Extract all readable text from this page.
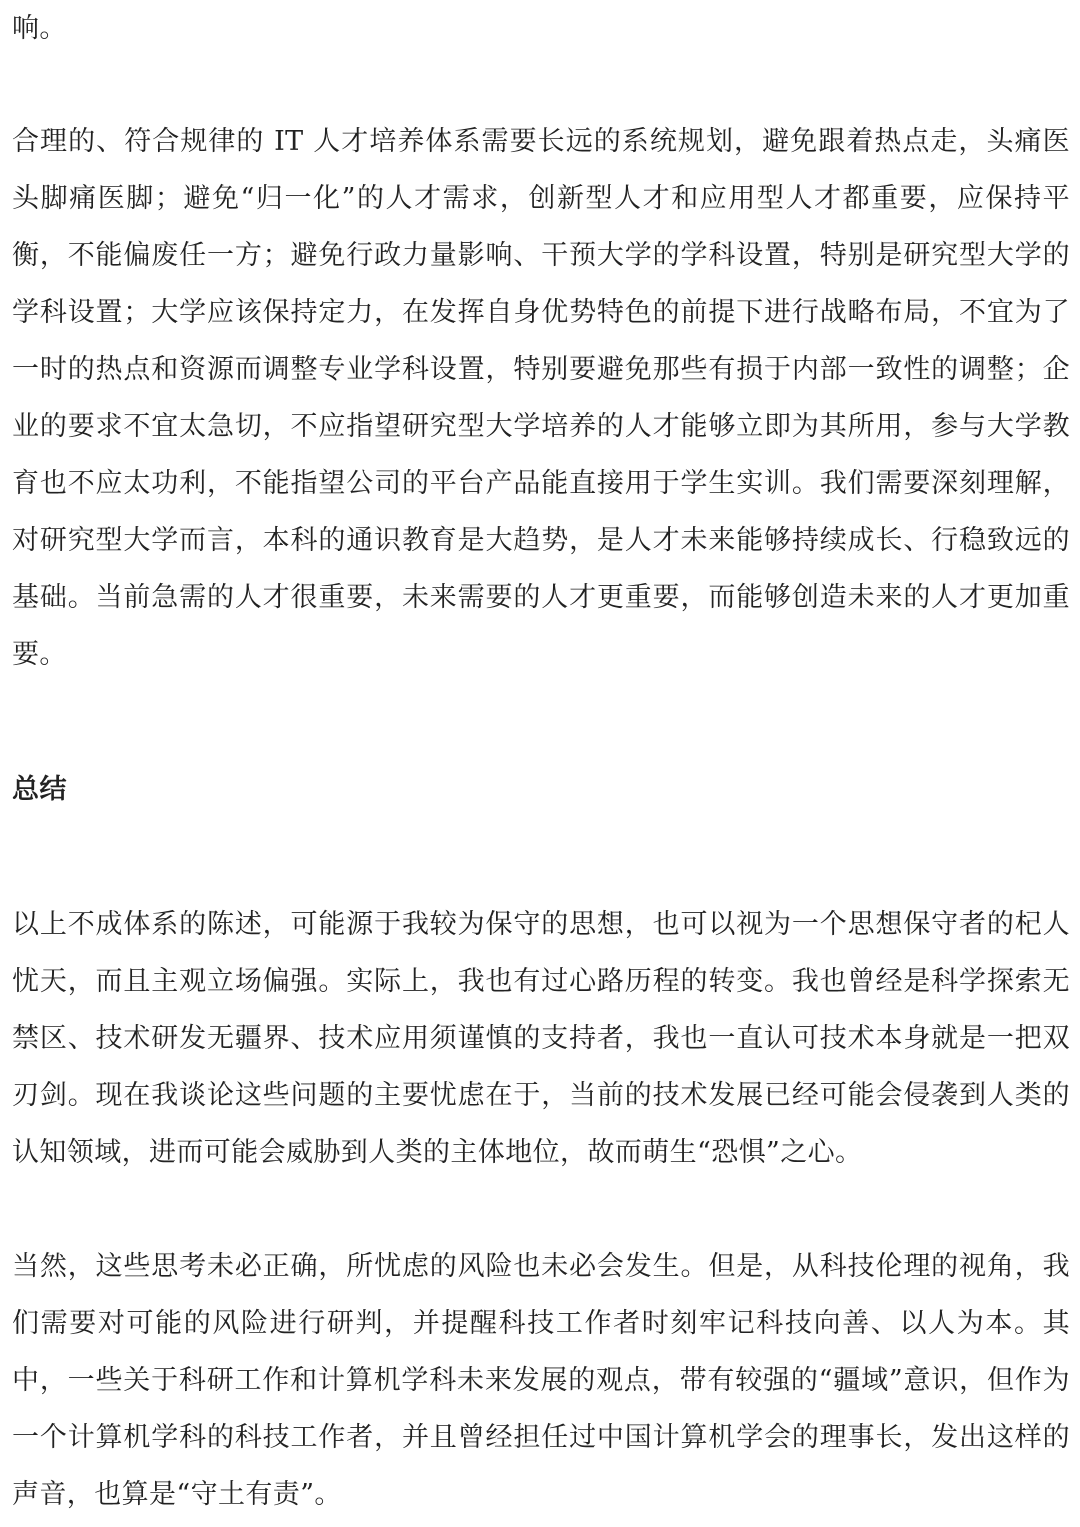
响。

合理的、符合规律的 IT 人才培养体系需要长远的系统规划，避免跟着热点走，头痛医头脚痛医脚；避免“归一化”的人才需求，创新型人才和应用型人才都重要，应保持平衡，不能偏废任一方；避免行政力量影响、干预大学的学科设置，特别是研究型大学的学科设置；大学应该保持定力，在发挥自身优势特色的前提下进行战略布局，不宜为了一时的热点和资源而调整专业学科设置，特别要避免那些有损于内部一致性的调整；企业的要求不宜太急切，不应指望研究型大学培养的人才能够立即为其所用，参与大学教育也不应太功利，不能指望公司的平台产品能直接用于学生实训。我们需要深刻理解，对研究型大学而言，本科的通识教育是大趋势，是人才未来能够持续成长、行稳致远的基础。当前急需的人才很重要，未来需要的人才更重要，而能够创造未来的人才更加重要。

总结

以上不成体系的陈述，可能源于我较为保守的思想，也可以视为一个思想保守者的杞人忧天，而且主观立场偏强。实际上，我也有过心路历程的转变。我也曾经是科学探索无禁区、技术研发无疆界、技术应用须谨慎的支持者，我也一直认可技术本身就是一把双刃剑。现在我谈论这些问题的主要忧虑在于，当前的技术发展已经可能会侵袭到人类的认知领域，进而可能会威胁到人类的主体地位，故而萌生“恐惧”之心。

当然，这些思考未必正确，所忧虑的风险也未必会发生。但是，从科技伦理的视角，我们需要对可能的风险进行研判，并提醒科技工作者时刻牢记科技向善、以人为本。其中，一些关于科研工作和计算机学科未来发展的观点，带有较强的“疆域”意识，但作为一个计算机学科的科技工作者，并且曾经担任过中国计算机学会的理事长，发出这样的声音，也算是“守土有责”。
